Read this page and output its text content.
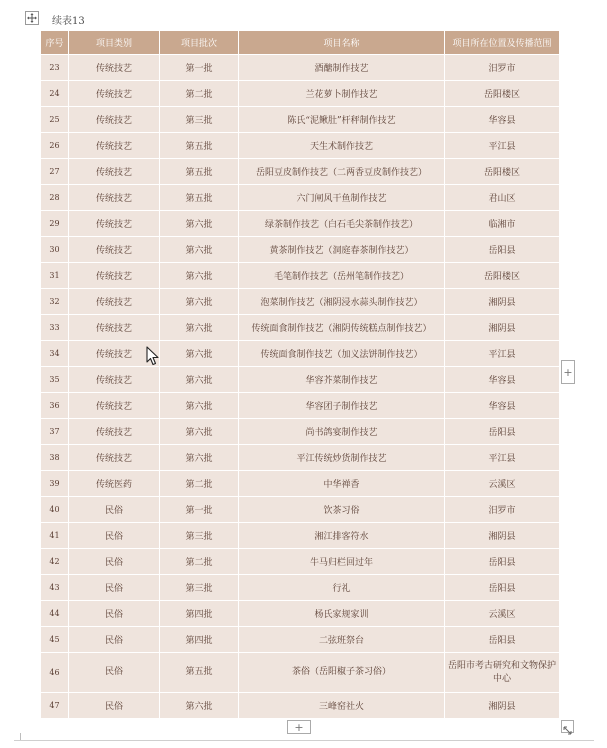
续表13
序号	项目类别	项目批次	项目名称	项目所在位置及传播范围
23	传统技艺	第一批	酒醣制作技艺	汨罗市
24	传统技艺	第二批	兰花萝卜制作技艺	岳阳楼区
25	传统技艺	第三批	陈氏“泥鳅肚”杆秤制作技艺	华容县
26	传统技艺	第五批	天生术制作技艺	平江县
27	传统技艺	第五批	岳阳豆皮制作技艺（二两香豆皮制作技艺）	岳阳楼区
28	传统技艺	第五批	六门闸风干鱼制作技艺	君山区
29	传统技艺	第六批	绿茶制作技艺（白石毛尖茶制作技艺）	临湘市
30	传统技艺	第六批	黄茶制作技艺（洞庭春茶制作技艺）	岳阳县
31	传统技艺	第六批	毛笔制作技艺（岳州笔制作技艺）	岳阳楼区
32	传统技艺	第六批	泡菜制作技艺（湘阴浸水蒜头制作技艺）	湘阴县
33	传统技艺	第六批	传统面食制作技艺（湘阴传统糕点制作技艺）	湘阴县
34	传统技艺	第六批	传统面食制作技艺（加义法饼制作技艺）	平江县
35	传统技艺	第六批	华容芥菜制作技艺	华容县
36	传统技艺	第六批	华容团子制作技艺	华容县
37	传统技艺	第六批	尚书鸽宴制作技艺	岳阳县
38	传统技艺	第六批	平江传统炒货制作技艺	平江县
39	传统医药	第二批	中华禅香	云溪区
40	民俗	第一批	饮茶习俗	汨罗市
41	民俗	第三批	湘江排客符水	湘阴县
42	民俗	第二批	牛马归栏回过年	岳阳县
43	民俗	第三批	行礼	岳阳县
44	民俗	第四批	杨氏家规家训	云溪区
45	民俗	第四批	二弦班祭台	岳阳县
46	民俗	第五批	茶俗（岳阳椒子茶习俗）	岳阳市考古研究和文物保护中心
47	民俗	第六批	三峰窑社火	湘阴县
+
+
